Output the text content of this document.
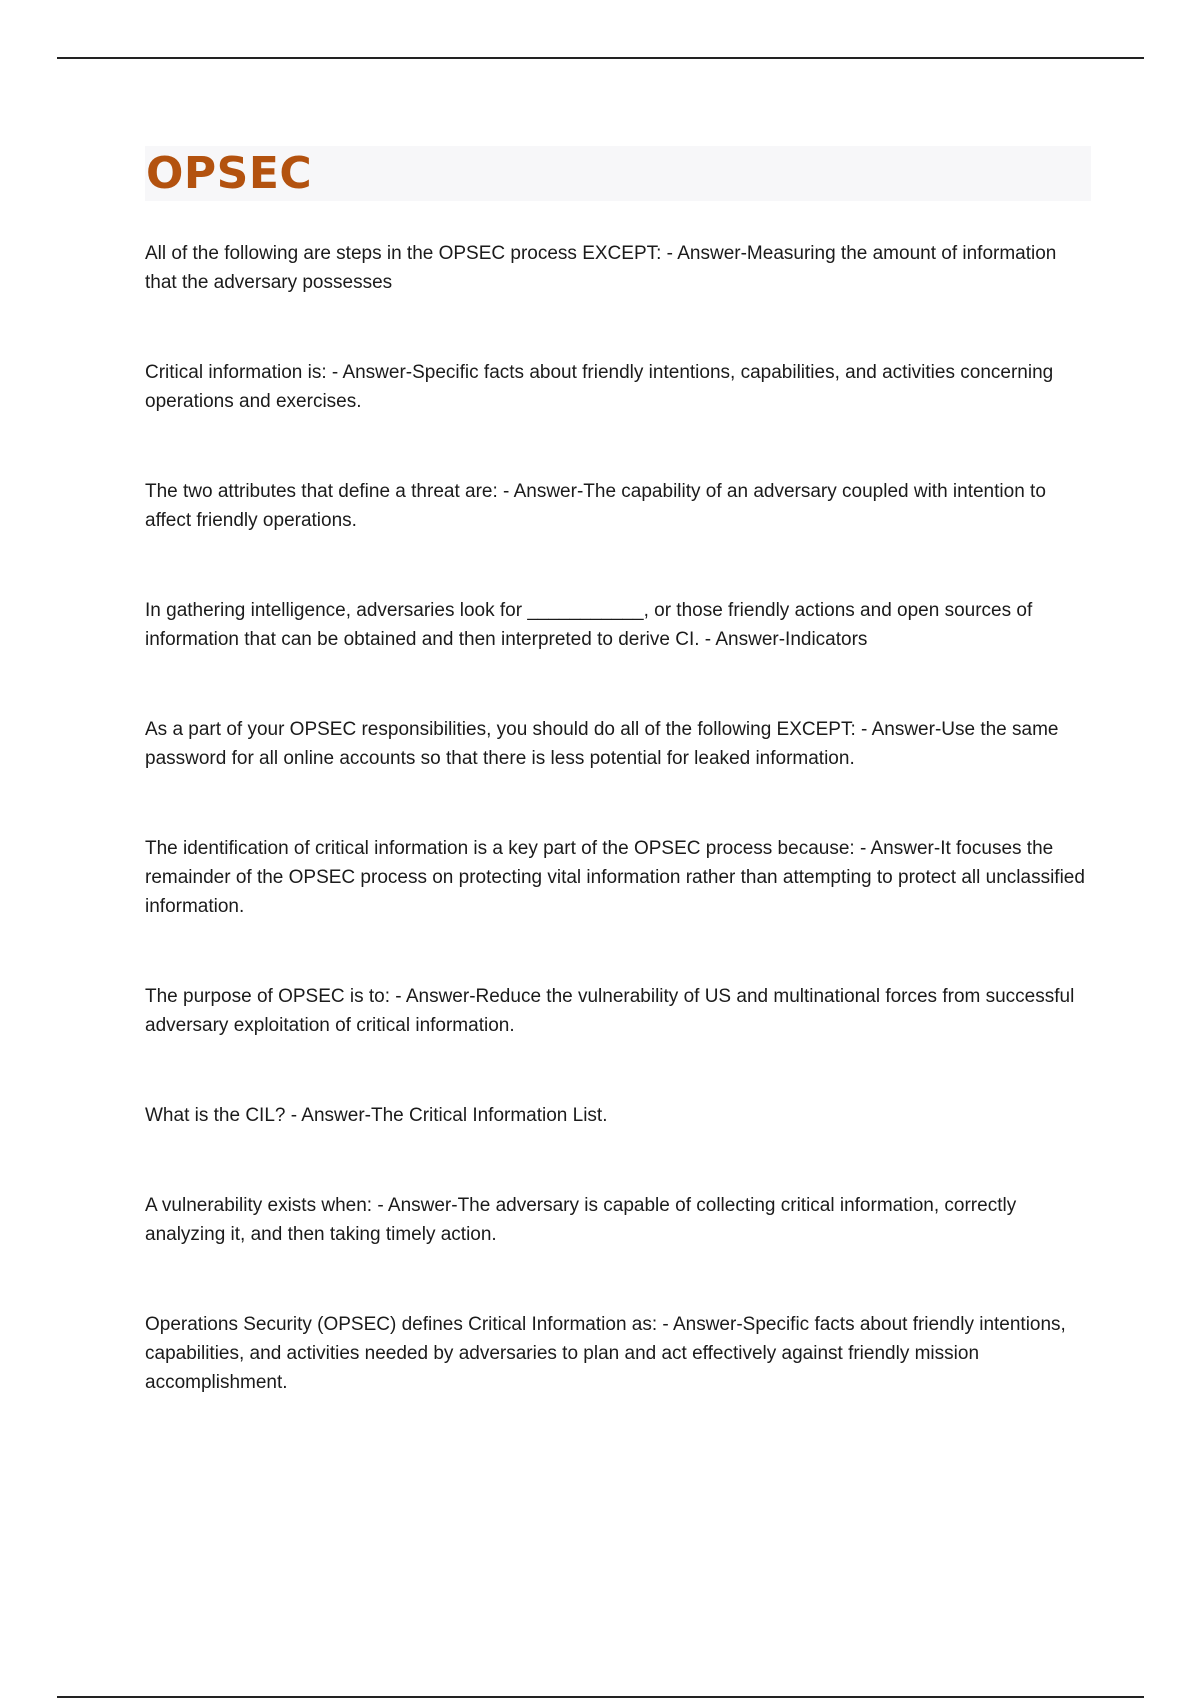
OPSEC

All of the following are steps in the OPSEC process EXCEPT: - Answer-Measuring the amount of information that the adversary possesses

Critical information is: - Answer-Specific facts about friendly intentions, capabilities, and activities concerning operations and exercises.

The two attributes that define a threat are: - Answer-The capability of an adversary coupled with intention to affect friendly operations.

In gathering intelligence, adversaries look for ___________, or those friendly actions and open sources of information that can be obtained and then interpreted to derive CI. - Answer-Indicators

As a part of your OPSEC responsibilities, you should do all of the following EXCEPT: - Answer-Use the same password for all online accounts so that there is less potential for leaked information.

The identification of critical information is a key part of the OPSEC process because: - Answer-It focuses the remainder of the OPSEC process on protecting vital information rather than attempting to protect all unclassified information.

The purpose of OPSEC is to: - Answer-Reduce the vulnerability of US and multinational forces from successful adversary exploitation of critical information.

What is the CIL? - Answer-The Critical Information List.

A vulnerability exists when: - Answer-The adversary is capable of collecting critical information, correctly analyzing it, and then taking timely action.

Operations Security (OPSEC) defines Critical Information as: - Answer-Specific facts about friendly intentions, capabilities, and activities needed by adversaries to plan and act effectively against friendly mission accomplishment.
